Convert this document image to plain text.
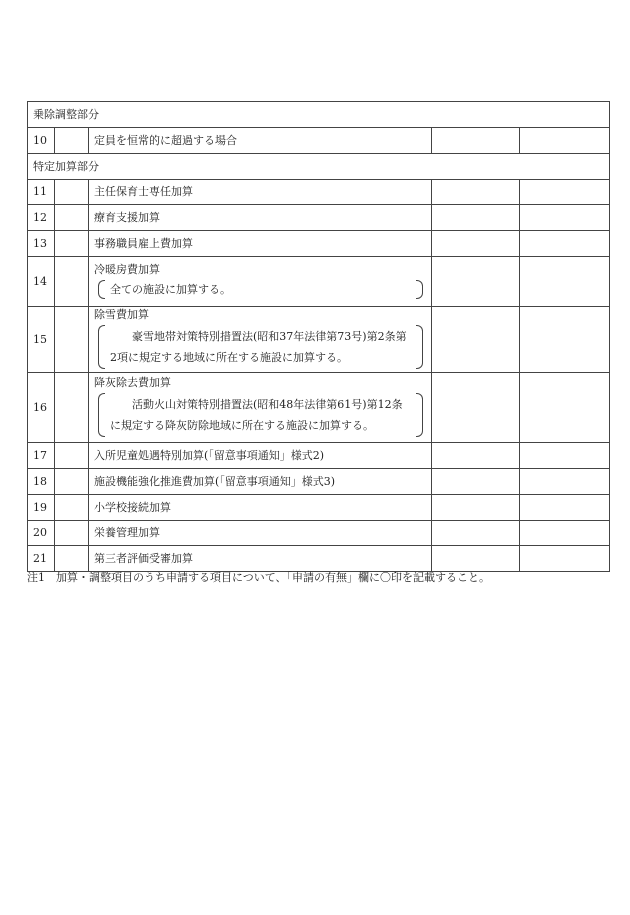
乗除調整部分				
10		定員を恒常的に超過する場合		
特定加算部分				
11		主任保育士専任加算		
12		療育支援加算		
13		事務職員雇上費加算		
14		冷暖房費加算
全ての施設に加算する。		

15		除雪費加算
豪雪地帯対策特別措置法(昭和37年法律第73号)第2条第
2項に規定する地域に所在する施設に加算する。		

16		降灰除去費加算
活動火山対策特別措置法(昭和48年法律第61号)第12条
に規定する降灰防除地域に所在する施設に加算する。		

17		入所児童処遇特別加算(「留意事項通知」様式2)		
18		施設機能強化推進費加算(「留意事項通知」様式3)		
19		小学校接続加算		
20		栄養管理加算		
21		第三者評価受審加算		
注1　加算・調整項目のうち申請する項目について、「申請の有無」欄に〇印を記載すること。
